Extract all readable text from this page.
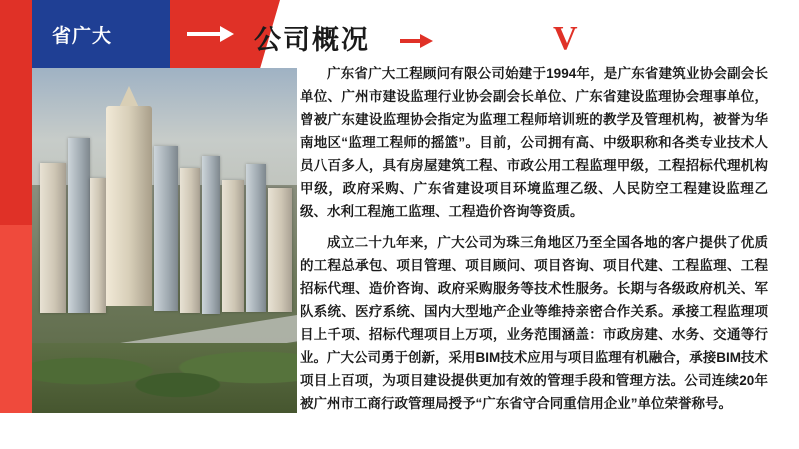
省广大	公司概况	V

广东省广大工程顾问有限公司始建于1994年，是广东省建筑业协会副会长单位、广州市建设监理行业协会副会长单位、广东省建设监理协会理事单位，曾被广东建设监理协会指定为监理工程师培训班的教学及管理机构，被誉为华南地区“监理工程师的摇篮”。目前，公司拥有高、中级职称和各类专业技术人员八百多人，具有房屋建筑工程、市政公用工程监理甲级，工程招标代理机构甲级，政府采购、广东省建设项目环境监理乙级、人民防空工程建设监理乙级、水利工程施工监理、工程造价咨询等资质。

成立二十九年来，广大公司为珠三角地区乃至全国各地的客户提供了优质的工程总承包、项目管理、项目顾问、项目咨询、项目代建、工程监理、工程招标代理、造价咨询、政府采购服务等技术性服务。长期与各级政府机关、军队系统、医疗系统、国内大型地产企业等维持亲密合作关系。承接工程监理项目上千项、招标代理项目上万项，业务范围涵盖：市政房建、水务、交通等行业。广大公司勇于创新，采用BIM技术应用与项目监理有机融合，承接BIM技术项目上百项，为项目建设提供更加有效的管理手段和管理方法。公司连续20年被广州市工商行政管理局授予“广东省守合同重信用企业”单位荣誉称号。
